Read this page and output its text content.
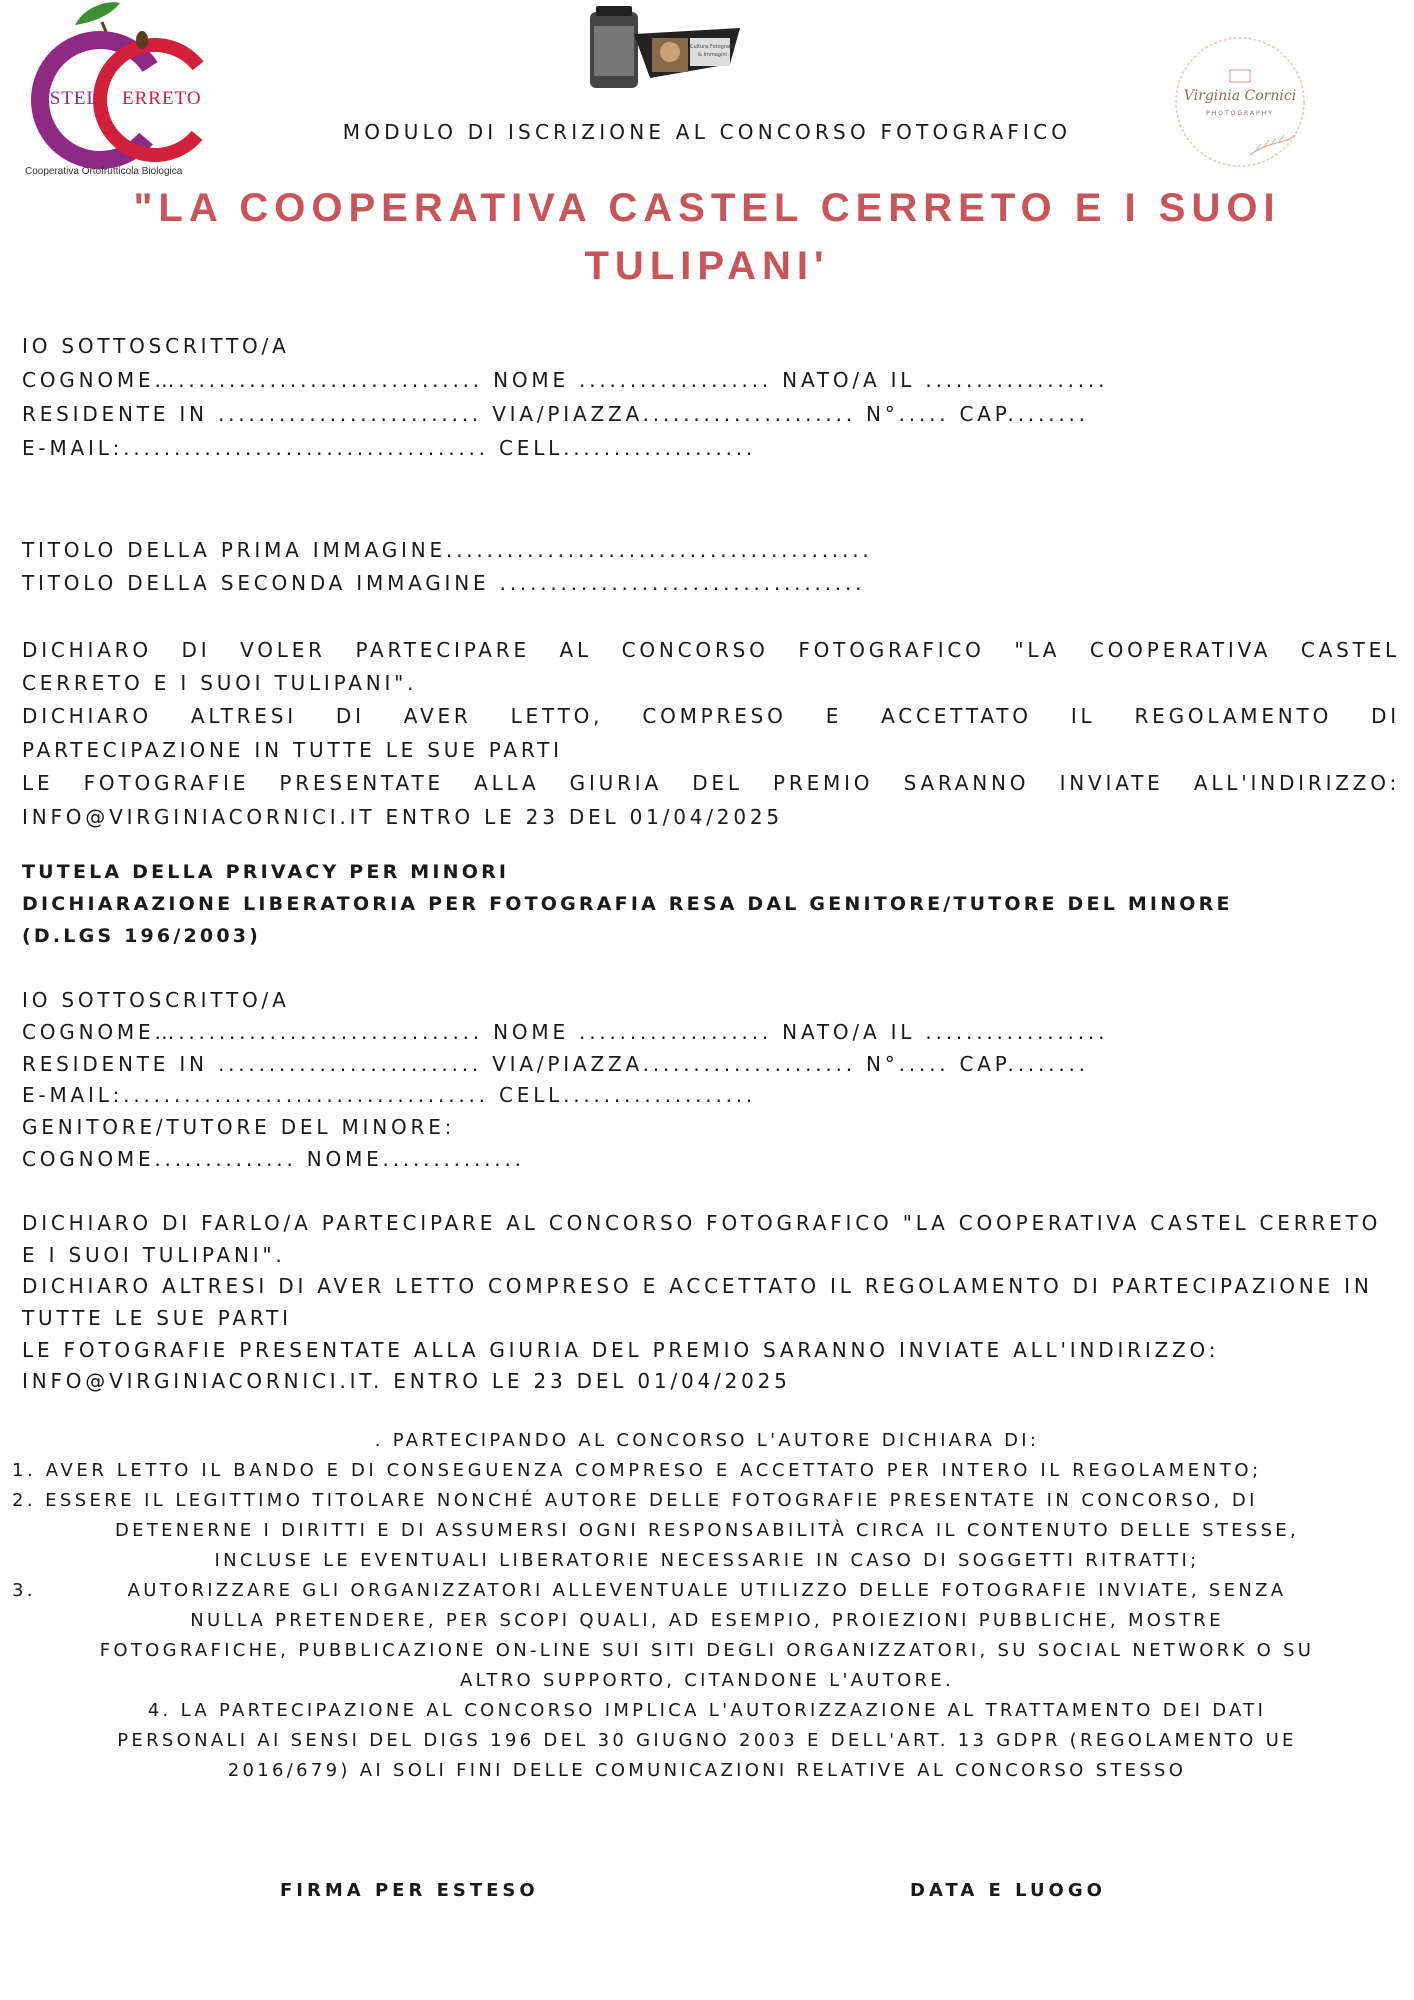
ASTEL ERRETO
Cooperativa Ortofrutticola Biologica
Cultura Fotografia
& Immagini
Virginia Cornici
PHOTOGRAPHY
MODULO DI ISCRIZIONE AL CONCORSO FOTOGRAFICO
"LA COOPERATIVA CASTEL CERRETO E I SUOI
TULIPANI'
IO SOTTOSCRITTO/A
COGNOME….............................. NOME ................... NATO/A IL ..................
RESIDENTE IN .......................... VIA/PIAZZA..................... N°..... CAP........
E-MAIL:.................................... CELL...................
TITOLO DELLA PRIMA IMMAGINE..........................................
TITOLO DELLA SECONDA IMMAGINE ....................................
DICHIARO DI VOLER PARTECIPARE AL CONCORSO FOTOGRAFICO "LA COOPERATIVA CASTEL
CERRETO E I SUOI TULIPANI".
DICHIARO ALTRESI DI AVER LETTO, COMPRESO E ACCETTATO IL REGOLAMENTO DI
PARTECIPAZIONE IN TUTTE LE SUE PARTI
LE FOTOGRAFIE PRESENTATE ALLA GIURIA DEL PREMIO SARANNO INVIATE ALL'INDIRIZZO:
INFO@VIRGINIACORNICI.IT ENTRO LE 23 DEL 01/04/2025
TUTELA DELLA PRIVACY PER MINORI
DICHIARAZIONE LIBERATORIA PER FOTOGRAFIA RESA DAL GENITORE/TUTORE DEL MINORE
(D.LGS 196/2003)
IO SOTTOSCRITTO/A
COGNOME….............................. NOME ................... NATO/A IL ..................
RESIDENTE IN .......................... VIA/PIAZZA..................... N°..... CAP........
E-MAIL:.................................... CELL...................
GENITORE/TUTORE DEL MINORE:
COGNOME.............. NOME..............
DICHIARO DI FARLO/A PARTECIPARE AL CONCORSO FOTOGRAFICO "LA COOPERATIVA CASTEL CERRETO
E I SUOI TULIPANI".
DICHIARO ALTRESI DI AVER LETTO COMPRESO E ACCETTATO IL REGOLAMENTO DI PARTECIPAZIONE IN
TUTTE LE SUE PARTI
LE FOTOGRAFIE PRESENTATE ALLA GIURIA DEL PREMIO SARANNO INVIATE ALL'INDIRIZZO:
INFO@VIRGINIACORNICI.IT. ENTRO LE 23 DEL 01/04/2025
. PARTECIPANDO AL CONCORSO L'AUTORE DICHIARA DI:
1. AVER LETTO IL BANDO E DI CONSEGUENZA COMPRESO E ACCETTATO PER INTERO IL REGOLAMENTO;
2. ESSERE IL LEGITTIMO TITOLARE NONCHÉ AUTORE DELLE FOTOGRAFIE PRESENTATE IN CONCORSO, DI
DETENERNE I DIRITTI E DI ASSUMERSI OGNI RESPONSABILITÀ CIRCA IL CONTENUTO DELLE STESSE,
INCLUSE LE EVENTUALI LIBERATORIE NECESSARIE IN CASO DI SOGGETTI RITRATTI;
3.	AUTORIZZARE GLI ORGANIZZATORI ALLEVENTUALE UTILIZZO DELLE FOTOGRAFIE INVIATE, SENZA
NULLA PRETENDERE, PER SCOPI QUALI, AD ESEMPIO, PROIEZIONI PUBBLICHE, MOSTRE
FOTOGRAFICHE, PUBBLICAZIONE ON-LINE SUI SITI DEGLI ORGANIZZATORI, SU SOCIAL NETWORK O SU
ALTRO SUPPORTO, CITANDONE L'AUTORE.
4. LA PARTECIPAZIONE AL CONCORSO IMPLICA L'AUTORIZZAZIONE AL TRATTAMENTO DEI DATI
PERSONALI AI SENSI DEL DIGS 196 DEL 30 GIUGNO 2003 E DELL'ART. 13 GDPR (REGOLAMENTO UE
2016/679) AI SOLI FINI DELLE COMUNICAZIONI RELATIVE AL CONCORSO STESSO
FIRMA PER ESTESO	DATA E LUOGO
